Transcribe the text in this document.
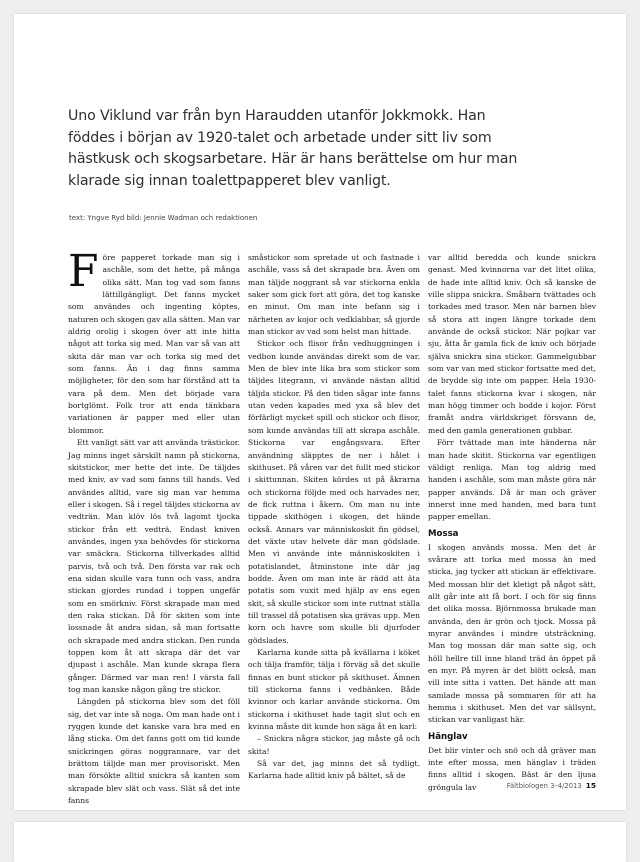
Uno Viklund var från byn Haraudden utanför Jokkmokk. Han föddes i början av 1920-talet och arbetade under sitt liv som hästkusk och skogsarbetare. Här är hans berättelse om hur man klarade sig innan toalettpapperet blev vanligt.
text: Yngve Ryd bild: Jennie Wadman och redaktionen

Före papperet torkade man sig i aschåle, som det hette, på många olika sätt. Man tog vad som fanns lättillgängligt. Det fanns mycket som användes och ingenting köptes, naturen och skogen gav alla sätten. Man var aldrig orolig i skogen över att inte hitta något att torka sig med. Man var så van att skita där man var och torka sig med det som fanns. Än i dag finns samma möjligheter, för den som har förstånd att ta vara på dem. Men det började vara bortglömt. Folk tror att enda tänkbara variationen är papper med eller utan blommor.

Ett vanligt sätt var att använda trästickor. Jag minns inget särskilt namn på stickorna, skitstickor, mer hette det inte. De täljdes med kniv, av vad som fanns till hands. Ved användes alltid, vare sig man var hemma eller i skogen. Så i regel täljdes stickorna av vedträn. Man klöv lös två lagomt tjocka stickor från ett vedträ. Endast kniven användes, ingen yxa behövdes för stickorna var smäckra. Stickorna tillverkades alltid parvis, två och två. Den första var rak och ena sidan skulle vara tunn och vass, andra stickan gjordes rundad i toppen ungefär som en smörkniv. Först skrapade man med den raka stickan. Då för skiten som inte lossnade åt andra sidan, så man fortsatte och skrapade med andra stickan. Den runda toppen kom åt att skrapa där det var djupast i aschåle. Man kunde skrapa flera gånger. Därmed var man ren! I värsta fall tog man kanske någon gång tre stickor.

Längden på stickorna blev som det föll sig, det var inte så noga. Om man hade ont i ryggen kunde det kanske vara bra med en lång sticka. Om det fanns gott om tid kunde snickringen göras noggrannare, var det brättom täljde man mer provisoriskt. Men man försökte alltid snickra så kanten som skrapade blev slät och vass. Slät så det inte fanns

småstickor som spretade ut och fastnade i aschåle, vass så det skrapade bra. Även om man täljde noggrant så var stickorna enkla saker som gick fort att göra, det tog kanske en minut. Om man inte befann sig i närheten av kojor och vedklabbar, så gjorde man stickor av vad som helst man hittade.

Stickor och flisor från vedhuggningen i vedbon kunde användas direkt som de var. Men de blev inte lika bra som stickor som täljdes litegrann, vi använde nästan alltid täljda stickor. På den tiden sågar inte fanns utan veden kapades med yxa så blev det förfärligt mycket spill och stickor och flisor, som kunde användas till att skrapa aschåle. Stickorna var engångsvara. Efter användning släpptes de ner i hålet i skithuset. På våren var det fullt med stickor i skittunnan. Skiten kördes ut på åkrarna och stickorna följde med och harvades ner, de fick ruttna i åkern. Om man nu inte tippade skithögen i skogen, det hände också. Annars var människoskit fin gödsel, det växte utav helvete där man gödslade. Men vi använde inte människoskiten i potatislandet, åtminstone inte där jag bodde. Även om man inte är rädd att äta potatis som vuxit med hjälp av ens egen skit, så skulle stickor som inte ruttnat ställa till trassel då potatisen ska grävas upp. Men korn och havre som skulle bli djurfoder gödslades.

Karlarna kunde sitta på kvällarna i köket och tälja framför, tälja i förväg så det skulle finnas en bunt stickor på skithuset. Ämnen till stickorna fanns i vedbänken. Både kvinnor och karlar använde stickorna. Om stickorna i skithuset hade tagit slut och en kvinna måste dit kunde hon säga åt en karl:

– Snickra några stickor, jag måste gå och skita!

Så var det, jag minns det så tydligt. Karlarna hade alltid kniv på bältet, så de

var alltid beredda och kunde snickra genast. Med kvinnorna var det litet olika, de hade inte alltid kniv. Och så kanske de ville slippa snickra. Småbarn tvättades och torkades med trasor. Men när barnen blev så stora att ingen längre torkade dem använde de också stickor. När pojkar var sju, åtta år gamla fick de kniv och började själva snickra sina stickor. Gammelgubbar som var van med stickor fortsatte med det, de brydde sig inte om papper. Hela 1930-talet fanns stickorna kvar i skogen, när man högg timmer och bodde i kojor. Först framåt andra världskriget försvann de, med den gamla generationen gubbar.

Förr tvättade man inte händerna när man hade skitit. Stickorna var egentligen väldigt renliga. Man tog aldrig med handen i aschåle, som man måste göra när papper används. Då är man och gräver innerst inne med handen, med bara tunt papper emellan.

Mossa

I skogen används mossa. Men det är svårare att torka med mossa än med sticka, jag tycker att stickan är effektivare. Med mossan blir det kletigt på något sätt, allt går inte att få bort. I och för sig finns det olika mossa. Björnmossa brukade man använda, den är grön och tjock. Mossa på myrar användes i mindre utsträckning. Man tog mossan där man satte sig, och höll hellre till inne bland träd än öppet på en myr. På myren är det blött också, man vill inte sitta i vatten. Det hände att man samlade mossa på sommaren för att ha hemma i skithuset. Men det var sällsynt, stickan var vanligast här.

Hänglav

Det blir vinter och snö och då gräver man inte efter mossa, men hänglav i träden finns alltid i skogen. Bäst är den ljusa gröngula lav	Fältbiologen 3–4/2013 15
